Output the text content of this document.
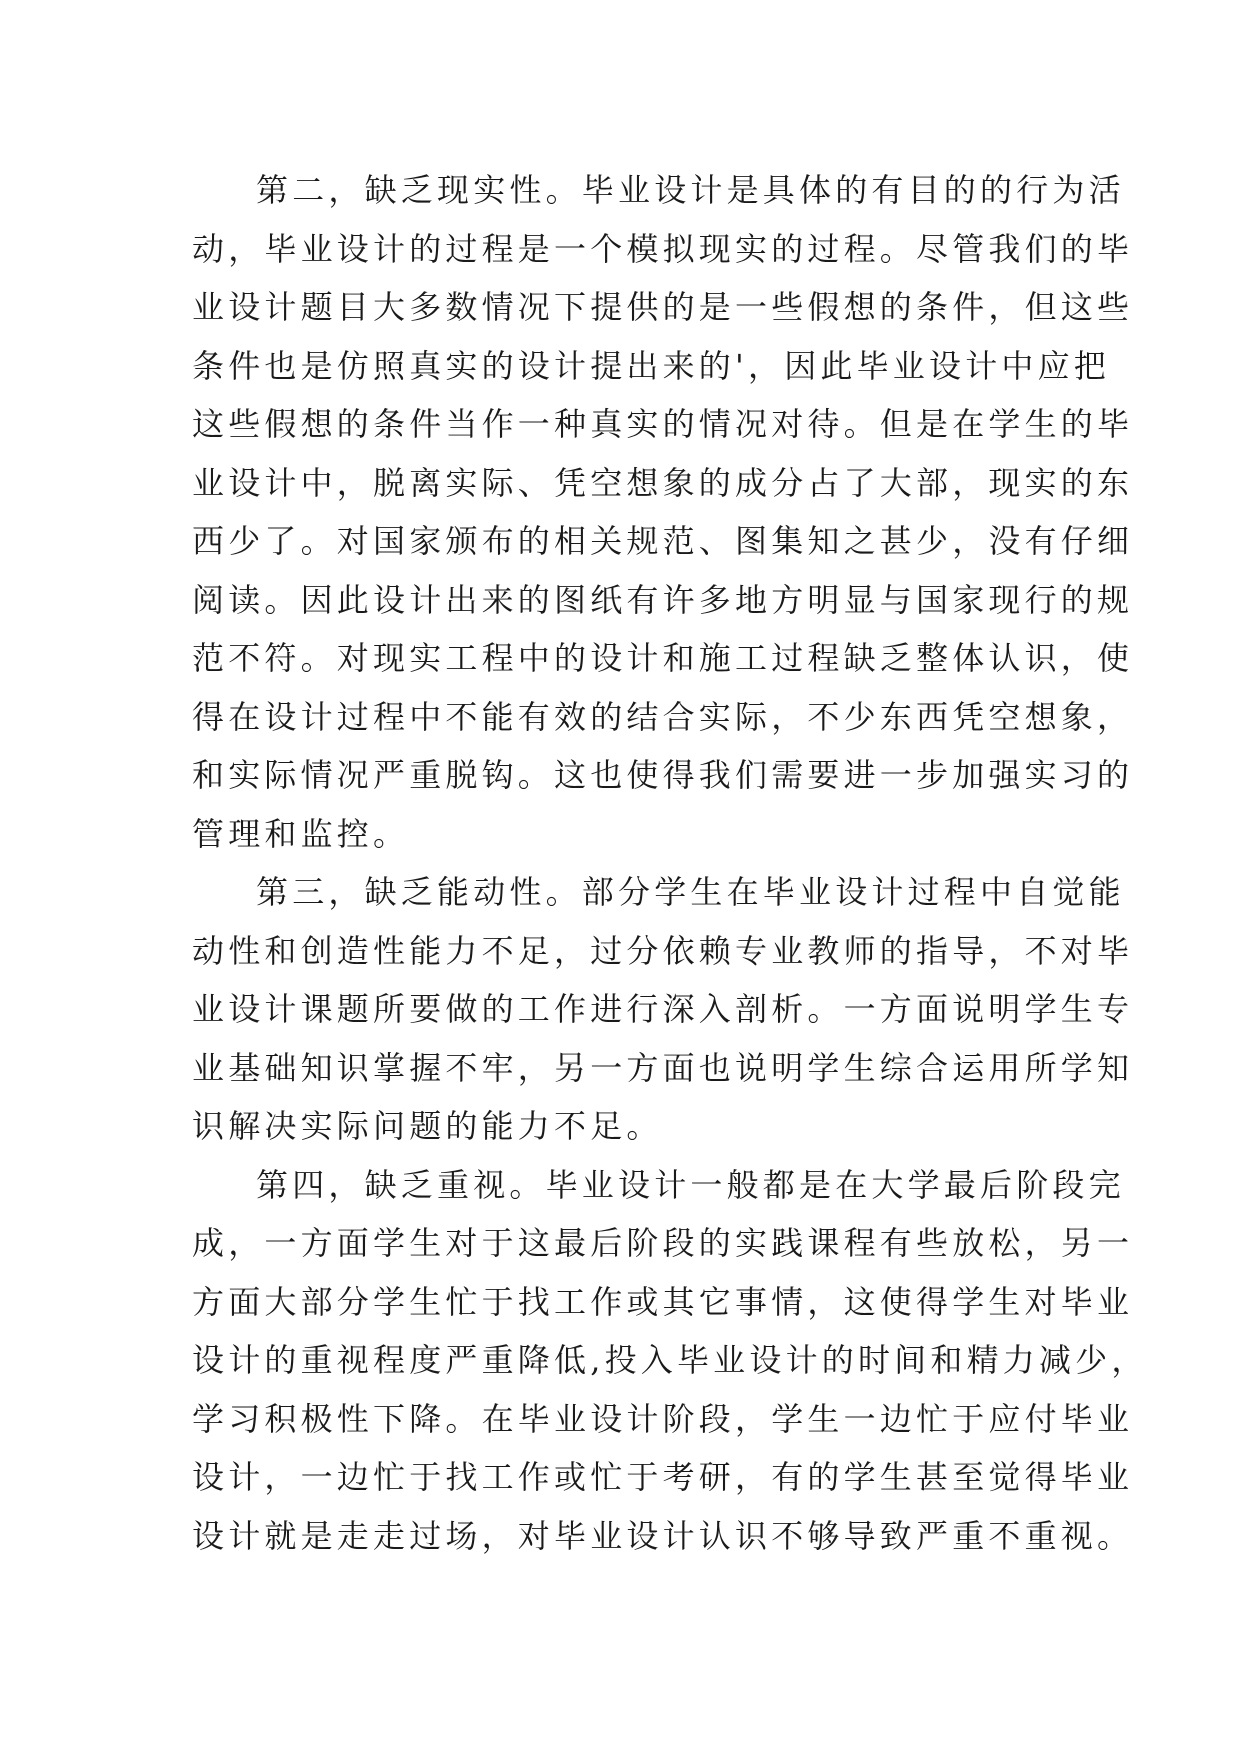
第二，缺乏现实性。毕业设计是具体的有目的的行为活
动，毕业设计的过程是一个模拟现实的过程。尽管我们的毕
业设计题目大多数情况下提供的是一些假想的条件，但这些
条件也是仿照真实的设计提出来的'，因此毕业设计中应把
这些假想的条件当作一种真实的情况对待。但是在学生的毕
业设计中，脱离实际、凭空想象的成分占了大部，现实的东
西少了。对国家颁布的相关规范、图集知之甚少，没有仔细
阅读。因此设计出来的图纸有许多地方明显与国家现行的规
范不符。对现实工程中的设计和施工过程缺乏整体认识，使
得在设计过程中不能有效的结合实际，不少东西凭空想象，
和实际情况严重脱钩。这也使得我们需要进一步加强实习的
管理和监控。
第三，缺乏能动性。部分学生在毕业设计过程中自觉能
动性和创造性能力不足，过分依赖专业教师的指导，不对毕
业设计课题所要做的工作进行深入剖析。一方面说明学生专
业基础知识掌握不牢，另一方面也说明学生综合运用所学知
识解决实际问题的能力不足。
第四，缺乏重视。毕业设计一般都是在大学最后阶段完
成，一方面学生对于这最后阶段的实践课程有些放松，另一
方面大部分学生忙于找工作或其它事情，这使得学生对毕业
设计的重视程度严重降低,投入毕业设计的时间和精力减少，
学习积极性下降。在毕业设计阶段，学生一边忙于应付毕业
设计，一边忙于找工作或忙于考研，有的学生甚至觉得毕业
设计就是走走过场，对毕业设计认识不够导致严重不重视。
